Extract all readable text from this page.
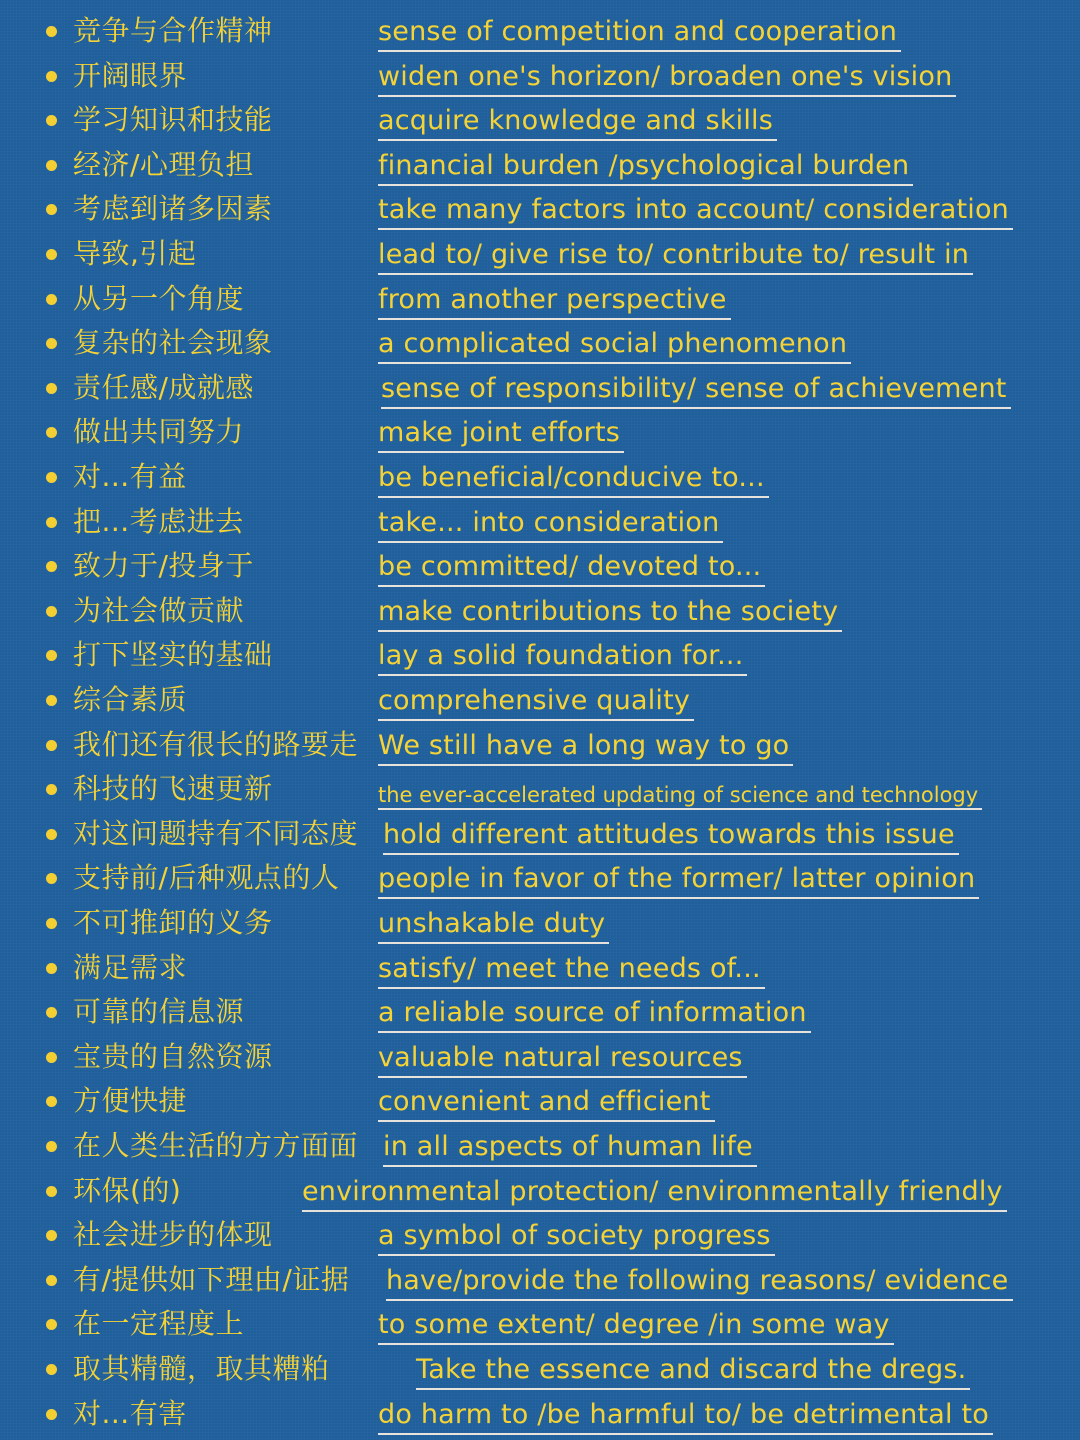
竞争与合作精神	sense of competition and cooperation
开阔眼界	widen one's horizon/ broaden one's vision
学习知识和技能	acquire knowledge and skills
经济/心理负担	financial burden /psychological burden
考虑到诸多因素	take many factors into account/ consideration
导致,引起	lead to/ give rise to/ contribute to/ result in
从另一个角度	from another perspective
复杂的社会现象	a complicated social phenomenon
责任感/成就感	sense of responsibility/ sense of achievement
做出共同努力	make joint efforts
对...有益	be beneficial/conducive to...
把...考虑进去	take... into consideration
致力于/投身于	be committed/ devoted to...
为社会做贡献	make contributions to the society
打下坚实的基础	lay a solid foundation for...
综合素质	comprehensive quality
我们还有很长的路要走 We still have a long way to go
科技的飞速更新	the ever-accelerated updating of science and technology
对这问题持有不同态度 hold different attitudes towards this issue
支持前/后种观点的人 people in favor of the former/ latter opinion
不可推卸的义务	unshakable duty
满足需求	satisfy/ meet the needs of...
可靠的信息源	a reliable source of information
宝贵的自然资源	valuable natural resources
方便快捷	convenient and efficient
在人类生活的方方面面 in all aspects of human life
环保(的)	environmental protection/ environmentally friendly
社会进步的体现	a symbol of society progress
有/提供如下理由/证据 have/provide the following reasons/ evidence
在一定程度上	to some extent/ degree /in some way
取其精髓，取其糟粕	Take the essence and discard the dregs.
对...有害	do harm to /be harmful to/ be detrimental to
